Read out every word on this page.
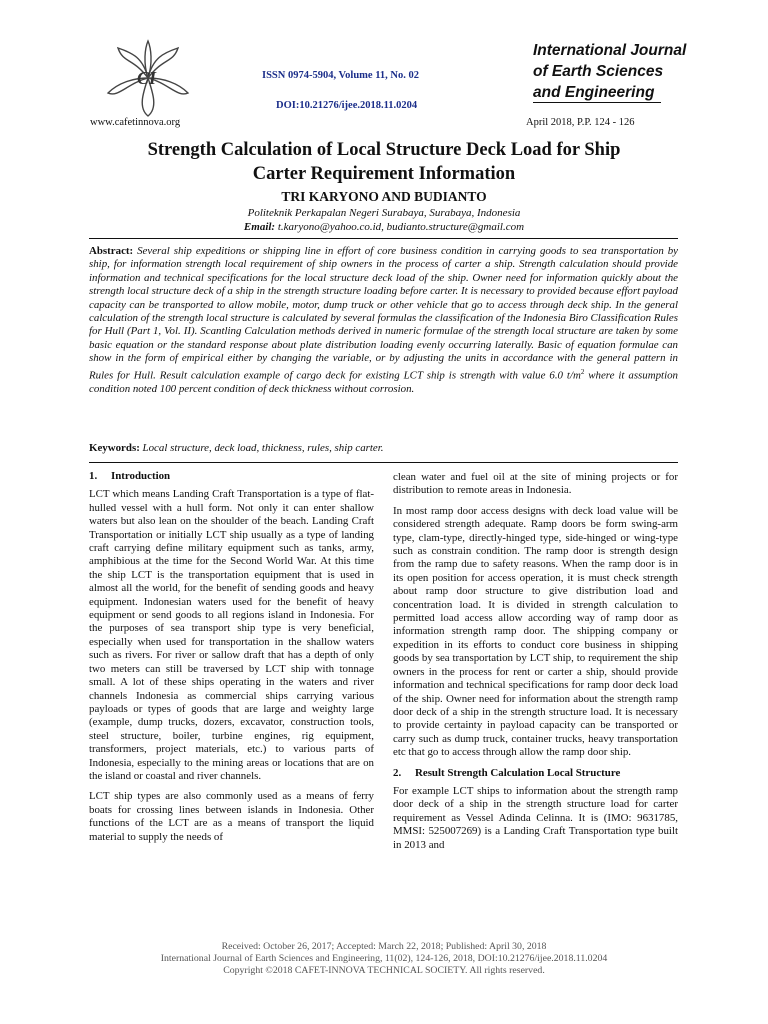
CI
www.cafetinnova.org
ISSN 0974-5904, Volume 11, No. 02
DOI:10.21276/ijee.2018.11.0204
International Journal
of Earth Sciences
and Engineering
April 2018, P.P. 124 - 126
Strength Calculation of Local Structure Deck Load for Ship
Carter Requirement Information
TRI KARYONO AND BUDIANTO
Politeknik Perkapalan Negeri Surabaya, Surabaya, Indonesia
Email: t.karyono@yahoo.co.id, budianto.structure@gmail.com
Abstract: Several ship expeditions or shipping line in effort of core business condition in carrying goods to sea transportation by ship, for information strength local requirement of ship owners in the process of carter a ship. Strength calculation should provide information and technical specifications for the local structure deck load of the ship. Owner need for information quickly about the strength local structure deck of a ship in the strength structure loading before carter. It is necessary to provided because effort payload capacity can be transported to allow mobile, motor, dump truck or other vehicle that go to access through deck ship. In the general calculation of the strength local structure is calculated by several formulas the classification of the Indonesia Biro Classification Rules for Hull (Part 1, Vol. II). Scantling Calculation methods derived in numeric formulae of the strength local structure are taken by some basic equation or the standard response about plate distribution loading evenly occurring laterally. Basic of equation formulae can show in the form of empirical either by changing the variable, or by adjusting the units in accordance with the general pattern in Rules for Hull. Result calculation example of cargo deck for existing LCT ship is strength with value 6.0 $t/m^2$ where it assumption condition noted 100 percent condition of deck thickness without corrosion.
Keywords: Local structure, deck load, thickness, rules, ship carter.
1. Introduction

LCT which means Landing Craft Transportation is a type of flat-hulled vessel with a hull form. Not only it can enter shallow waters but also lean on the shoulder of the beach. Landing Craft Transportation or initially LCT ship usually as a type of landing craft carrying define military equipment such as tanks, army, amphibious at the time for the Second World War. At this time the ship LCT is the transportation equipment that is used in almost all the world, for the benefit of sending goods and heavy equipment. Indonesian waters used for the benefit of heavy equipment or send goods to all regions island in Indonesia. For the purposes of sea transport ship type is very beneficial, especially when used for transportation in the shallow waters such as rivers. For river or sallow draft that has a depth of only two meters can still be traversed by LCT ship with tonnage small. A lot of these ships operating in the waters and river channels Indonesia as commercial ships carrying various payloads or types of goods that are large and weighty large (example, dump trucks, dozers, excavator, construction tools, steel structure, boiler, turbine engines, rig equipment, transformers, project materials, etc.) to various parts of Indonesia, especially to the mining areas or locations that are on the island or coastal and river channels.

LCT ship types are also commonly used as a means of ferry boats for crossing lines between islands in Indonesia. Other functions of the LCT are as a means of transport the liquid material to supply the needs of

clean water and fuel oil at the site of mining projects or for distribution to remote areas in Indonesia.

In most ramp door access designs with deck load value will be considered strength adequate. Ramp doors be form swing-arm type, clam-type, directly-hinged type, side-hinged or wing-type such as constrain condition. The ramp door is strength design from the ramp due to safety reasons. When the ramp door is in its open position for access operation, it is must check strength about ramp door structure to give distribution load and concentration load. It is divided in strength calculation to permitted load access allow according way of ramp door as information strength ramp door. The shipping company or expedition in its efforts to conduct core business in shipping goods by sea transportation by LCT ship, to requirement the ship owners in the process for rent or carter a ship, should provide information and technical specifications for ramp door deck load of the ship. Owner need for information about the strength ramp door deck of a ship in the strength structure load. It is necessary to provide certainty in payload capacity can be transported or carry such as dump truck, container trucks, heavy transportation etc that go to access through allow the ramp door ship.

2. Result Strength Calculation Local Structure

For example LCT ships to information about the strength ramp door deck of a ship in the strength structure load for carter requirement as Vessel Adinda Celinna. It is (IMO: 9631785, MMSI: 525007269) is a Landing Craft Transportation type built in 2013 and

Received: October 26, 2017; Accepted: March 22, 2018; Published: April 30, 2018
International Journal of Earth Sciences and Engineering, 11(02), 124-126, 2018, DOI:10.21276/ijee.2018.11.0204
Copyright ©2018 CAFET-INNOVA TECHNICAL SOCIETY. All rights reserved.
